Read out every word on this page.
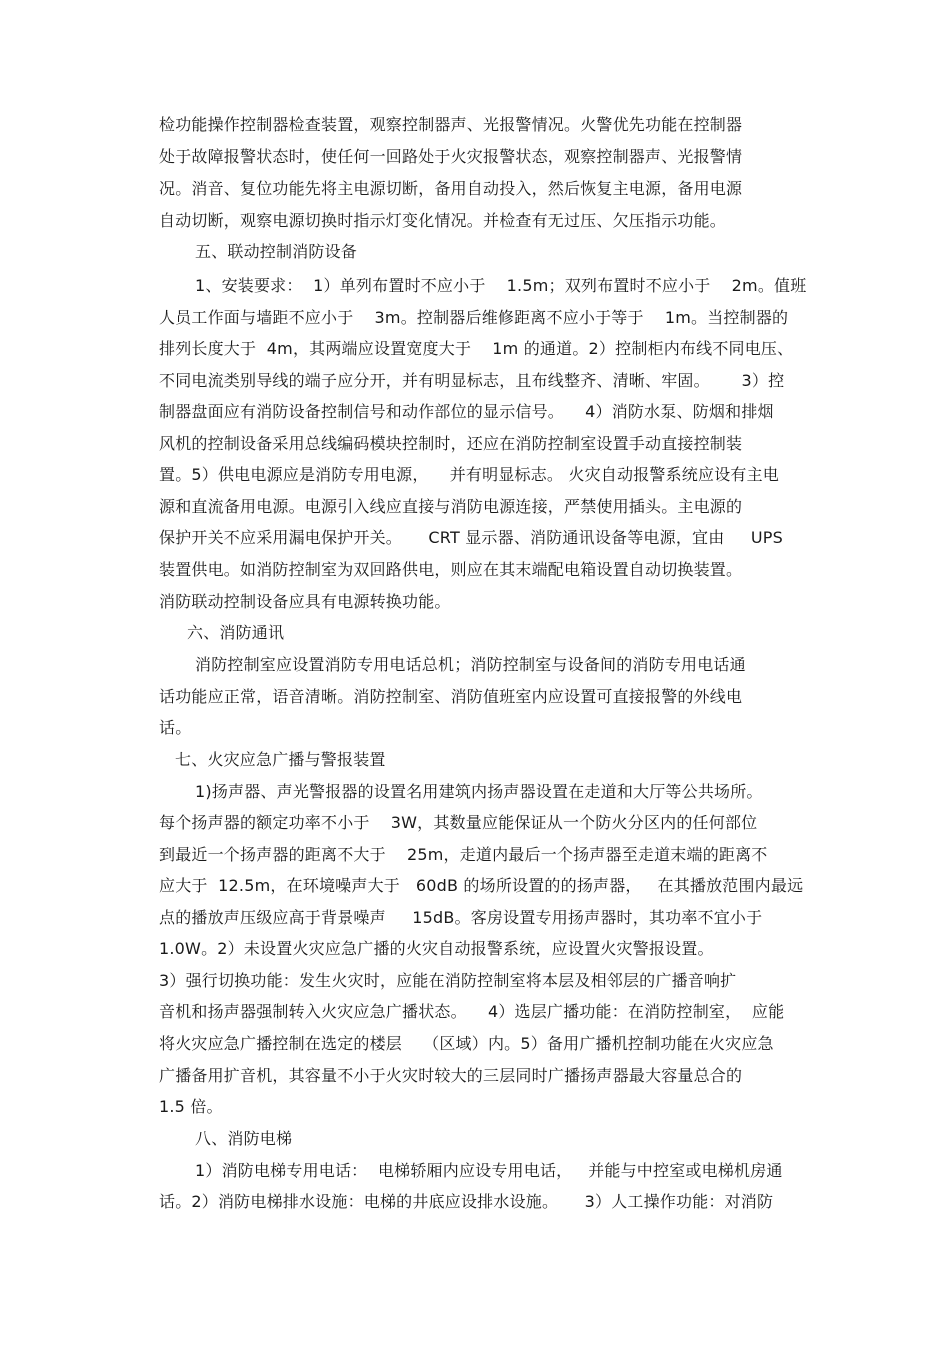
检功能操作控制器检查装置，观察控制器声、光报警情况。火警优先功能在控制器
处于故障报警状态时，使任何一回路处于火灾报警状态，观察控制器声、光报警情
况。消音、复位功能先将主电源切断，备用自动投入，然后恢复主电源，备用电源
自动切断，观察电源切换时指示灯变化情况。并检查有无过压、欠压指示功能。
五、联动控制消防设备
1、安装要求：  1）单列布置时不应小于    1.5m；双列布置时不应小于    2m。值班
人员工作面与墙距不应小于    3m。控制器后维修距离不应小于等于    1m。当控制器的
排列长度大于  4m，其两端应设置宽度大于    1m 的通道。2）控制柜内布线不同电压、
不同电流类别导线的端子应分开，并有明显标志，且布线整齐、清晰、牢固。      3）控
制器盘面应有消防设备控制信号和动作部位的显示信号。    4）消防水泵、防烟和排烟
风机的控制设备采用总线编码模块控制时，还应在消防控制室设置手动直接控制装
置。5）供电电源应是消防专用电源，    并有明显标志。 火灾自动报警系统应设有主电
源和直流备用电源。电源引入线应直接与消防电源连接，严禁使用插头。主电源的
保护开关不应采用漏电保护开关。     CRT 显示器、消防通讯设备等电源，宜由     UPS
装置供电。如消防控制室为双回路供电，则应在其末端配电箱设置自动切换装置。
消防联动控制设备应具有电源转换功能。
六、消防通讯
消防控制室应设置消防专用电话总机；消防控制室与设备间的消防专用电话通
话功能应正常，语音清晰。消防控制室、消防值班室内应设置可直接报警的外线电
话。
七、火灾应急广播与警报装置
1)扬声器、声光警报器的设置名用建筑内扬声器设置在走道和大厅等公共场所。
每个扬声器的额定功率不小于    3W，其数量应能保证从一个防火分区内的任何部位
到最近一个扬声器的距离不大于    25m，走道内最后一个扬声器至走道末端的距离不
应大于  12.5m，在环境噪声大于   60dB 的场所设置的的扬声器，   在其播放范围内最远
点的播放声压级应高于背景噪声     15dB。客房设置专用扬声器时，其功率不宜小于
1.0W。2）未设置火灾应急广播的火灾自动报警系统，应设置火灾警报设置。
3）强行切换功能：发生火灾时，应能在消防控制室将本层及相邻层的广播音响扩
音机和扬声器强制转入火灾应急广播状态。    4）选层广播功能：在消防控制室，  应能
将火灾应急广播控制在选定的楼层    （区域）内。5）备用广播机控制功能在火灾应急
广播备用扩音机，其容量不小于火灾时较大的三层同时广播扬声器最大容量总合的
1.5 倍。
八、消防电梯
1）消防电梯专用电话：  电梯轿厢内应设专用电话，   并能与中控室或电梯机房通
话。2）消防电梯排水设施：电梯的井底应设排水设施。     3）人工操作功能：对消防
